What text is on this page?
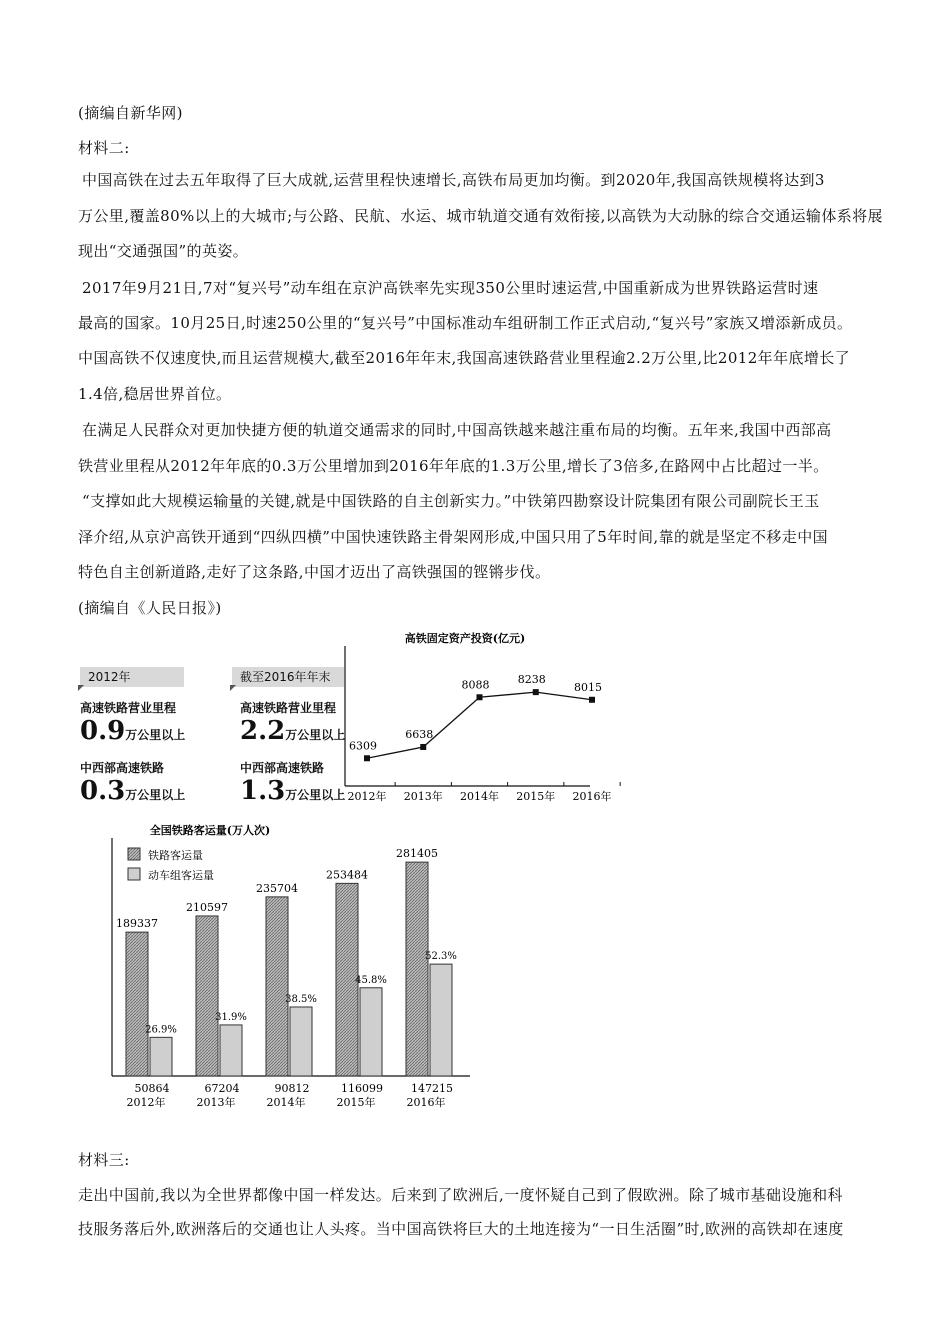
(摘编自新华网)
材料二:
中国高铁在过去五年取得了巨大成就,运营里程快速增长,高铁布局更加均衡。到2020年,我国高铁规模将达到3
万公里,覆盖80%以上的大城市;与公路、民航、水运、城市轨道交通有效衔接,以高铁为大动脉的综合交通运输体系将展
现出“交通强国”的英姿。
2017年9月21日,7对“复兴号”动车组在京沪高铁率先实现350公里时速运营,中国重新成为世界铁路运营时速
最高的国家。10月25日,时速250公里的“复兴号”中国标准动车组研制工作正式启动,“复兴号”家族又增添新成员。
中国高铁不仅速度快,而且运营规模大,截至2016年年末,我国高速铁路营业里程逾2.2万公里,比2012年年底增长了
1.4倍,稳居世界首位。
在满足人民群众对更加快捷方便的轨道交通需求的同时,中国高铁越来越注重布局的均衡。五年来,我国中西部高
铁营业里程从2012年年底的0.3万公里增加到2016年年底的1.3万公里,增长了3倍多,在路网中占比超过一半。
“支撑如此大规模运输量的关键,就是中国铁路的自主创新实力。”中铁第四勘察设计院集团有限公司副院长王玉
泽介绍,从京沪高铁开通到“四纵四横”中国快速铁路主骨架网形成,中国只用了5年时间,靠的就是坚定不移走中国
特色自主创新道路,走好了这条路,中国才迈出了高铁强国的铿锵步伐。
(摘编自《人民日报》)
材料三:
走出中国前,我以为全世界都像中国一样发达。后来到了欧洲后,一度怀疑自己到了假欧洲。除了城市基础设施和科
技服务落后外,欧洲落后的交通也让人头疼。当中国高铁将巨大的土地连接为“一日生活圈”时,欧洲的高铁却在速度
2012年
高速铁路营业里程
0.9万公里以上
中西部高速铁路
0.3万公里以上
截至2016年年末
高速铁路营业里程
2.2万公里以上
中西部高速铁路
1.3万公里以上
高铁固定资产投资(亿元)
6309
2012年
6638
2013年
8088
2014年
8238
2015年
8015
2016年
全国铁路客运量(万人次)
铁路客运量
动车组客运量
189337
26.9%
50864
2012年
210597
31.9%
67204
2013年
235704
38.5%
90812
2014年
253484
45.8%
116099
2015年
281405
52.3%
147215
2016年
